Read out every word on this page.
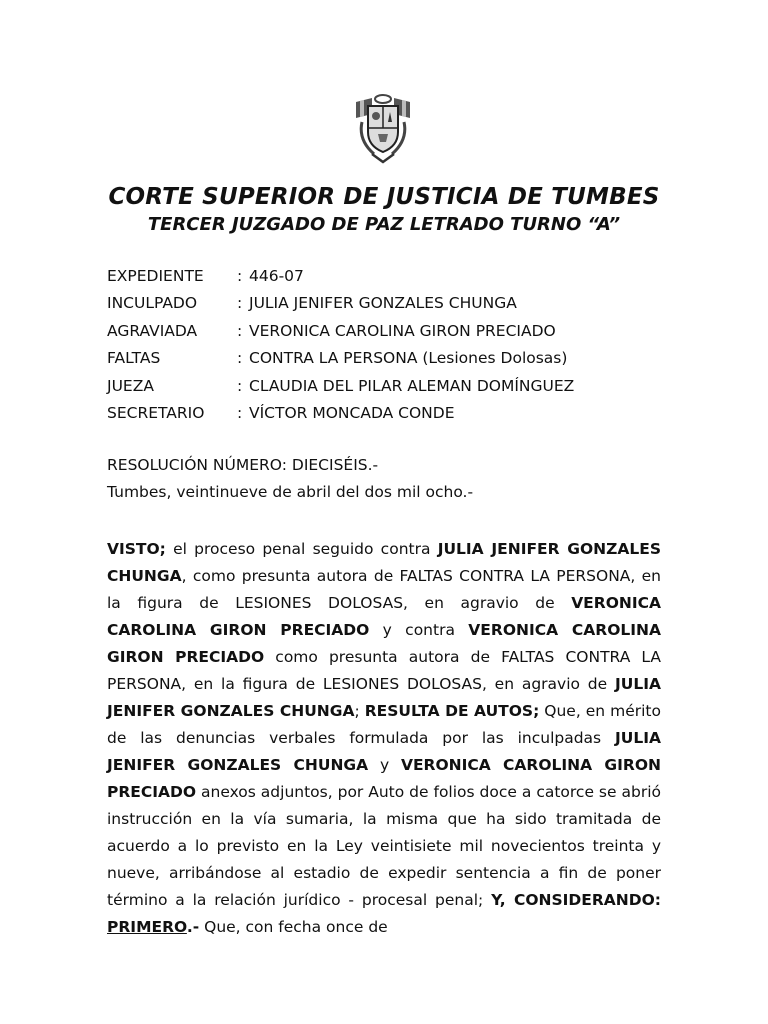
CORTE SUPERIOR DE JUSTICIA DE TUMBES
TERCER JUZGADO DE PAZ LETRADO TURNO “A”
EXPEDIENTE	: 446-07
INCULPADO	: JULIA JENIFER GONZALES CHUNGA
AGRAVIADA	: VERONICA CAROLINA GIRON PRECIADO
FALTAS	: CONTRA LA PERSONA (Lesiones Dolosas)
JUEZA	: CLAUDIA DEL PILAR ALEMAN DOMÍNGUEZ
SECRETARIO	: VÍCTOR MONCADA CONDE
RESOLUCIÓN NÚMERO: DIECISÉIS.-
Tumbes, veintinueve de abril del dos mil ocho.-
VISTO; el proceso penal seguido contra JULIA JENIFER GONZALES CHUNGA, como presunta autora de FALTAS CONTRA LA PERSONA, en la figura de LESIONES DOLOSAS, en agravio de VERONICA CAROLINA GIRON PRECIADO y contra VERONICA CAROLINA GIRON PRECIADO como presunta autora de FALTAS CONTRA LA PERSONA, en la figura de LESIONES DOLOSAS, en agravio de JULIA JENIFER GONZALES CHUNGA; RESULTA DE AUTOS; Que, en mérito de las denuncias verbales formulada por las inculpadas JULIA JENIFER GONZALES CHUNGA y VERONICA CAROLINA GIRON PRECIADO anexos adjuntos, por Auto de folios doce a catorce se abrió instrucción en la vía sumaria, la misma que ha sido tramitada de acuerdo a lo previsto en la Ley veintisiete mil novecientos treinta y nueve, arribándose al estadio de expedir sentencia a fin de poner término a la relación jurídico - procesal penal; Y, CONSIDERANDO: PRIMERO.- Que, con fecha once de
